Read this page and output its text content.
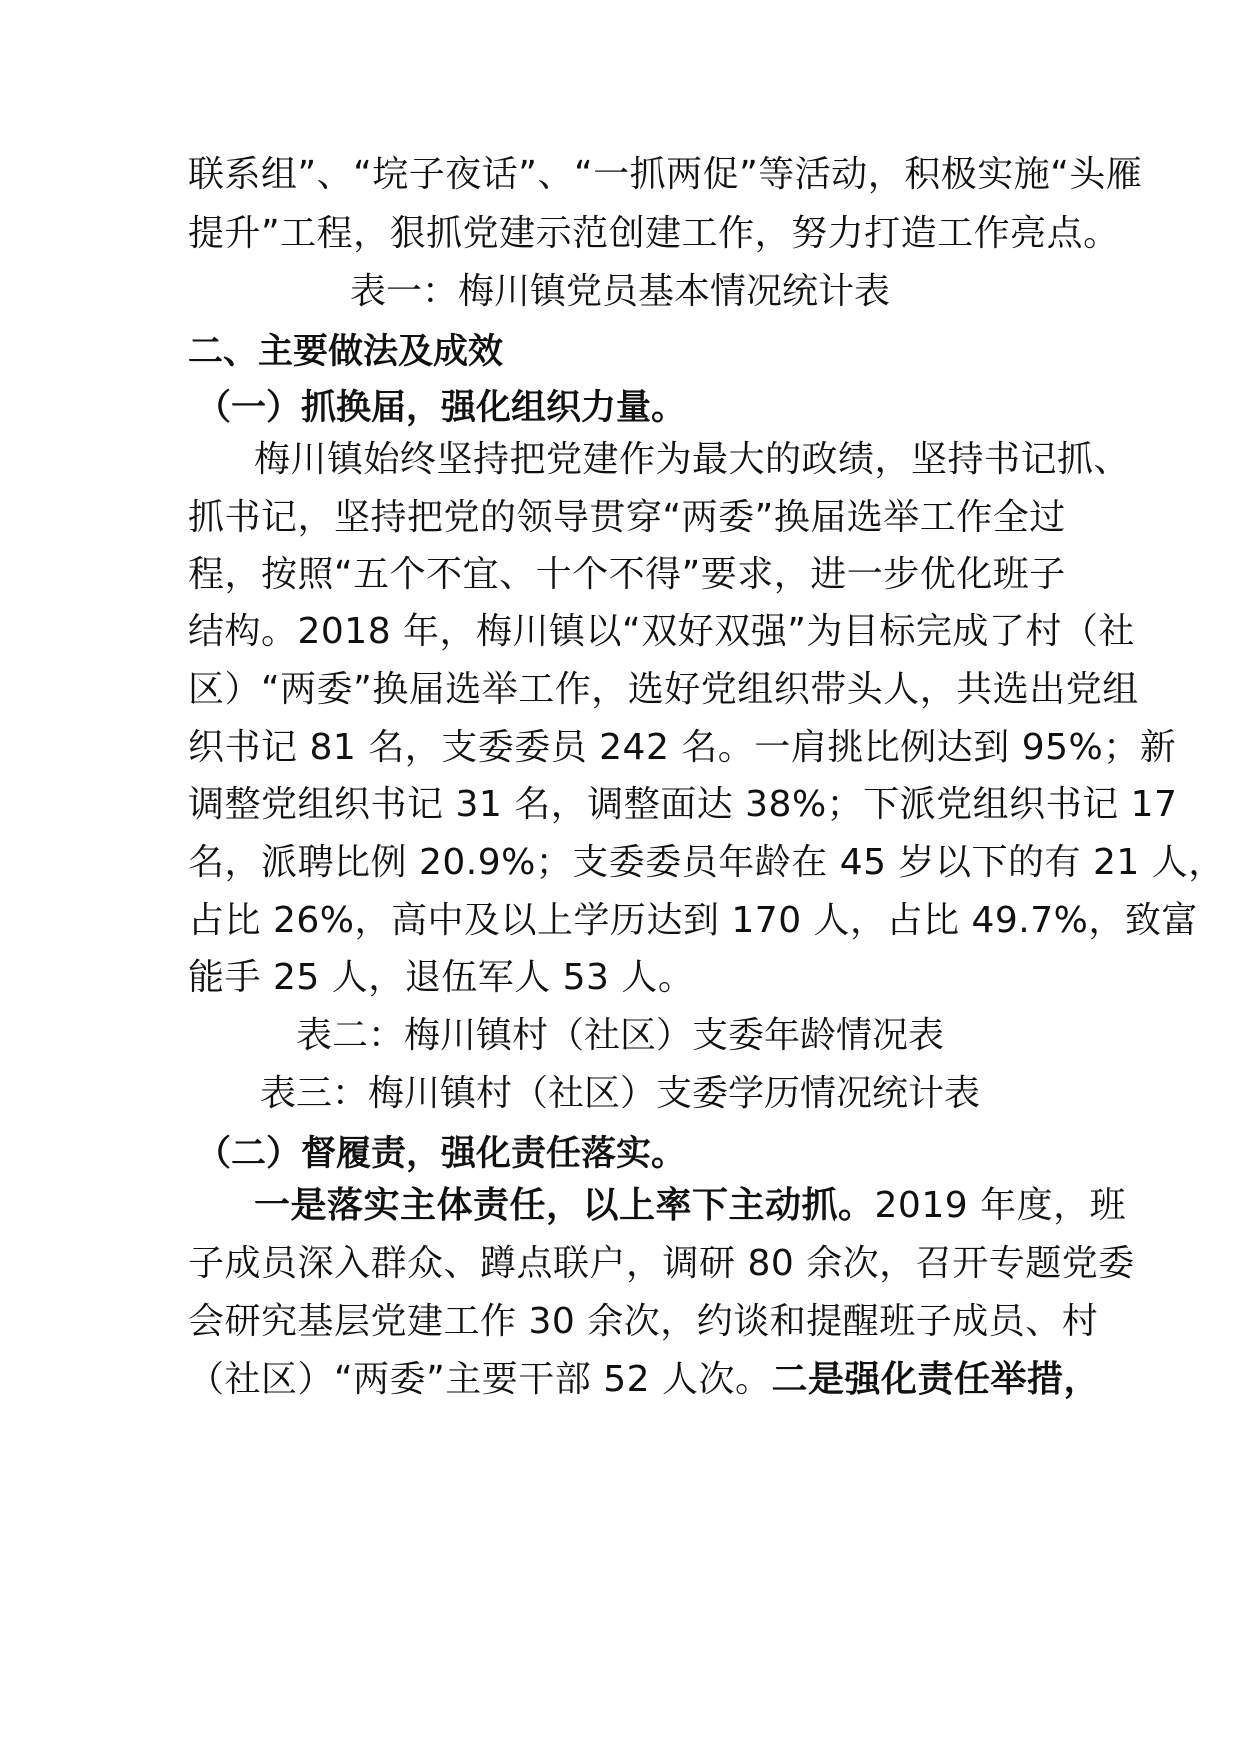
联系组”、“垸子夜话”、“一抓两促”等活动，积极实施“头雁
提升”工程，狠抓党建示范创建工作，努力打造工作亮点。
表一：梅川镇党员基本情况统计表
二、主要做法及成效
（一）抓换届，强化组织力量。
梅川镇始终坚持把党建作为最大的政绩，坚持书记抓、
抓书记，坚持把党的领导贯穿“两委”换届选举工作全过
程，按照“五个不宜、十个不得”要求，进一步优化班子
结构。2018 年，梅川镇以“双好双强”为目标完成了村（社
区）“两委”换届选举工作，选好党组织带头人，共选出党组
织书记 81 名，支委委员 242 名。一肩挑比例达到 95%；新
调整党组织书记 31 名，调整面达 38%；下派党组织书记 17
名，派聘比例 20.9%；支委委员年龄在 45 岁以下的有 21 人，
占比 26%，高中及以上学历达到 170 人，占比 49.7%，致富
能手 25 人，退伍军人 53 人。
表二：梅川镇村（社区）支委年龄情况表
表三：梅川镇村（社区）支委学历情况统计表
（二）督履责，强化责任落实。
一是落实主体责任，以上率下主动抓。2019 年度，班
子成员深入群众、蹲点联户，调研 80 余次，召开专题党委
会研究基层党建工作 30 余次，约谈和提醒班子成员、村
（社区）“两委”主要干部 52 人次。二是强化责任举措，
